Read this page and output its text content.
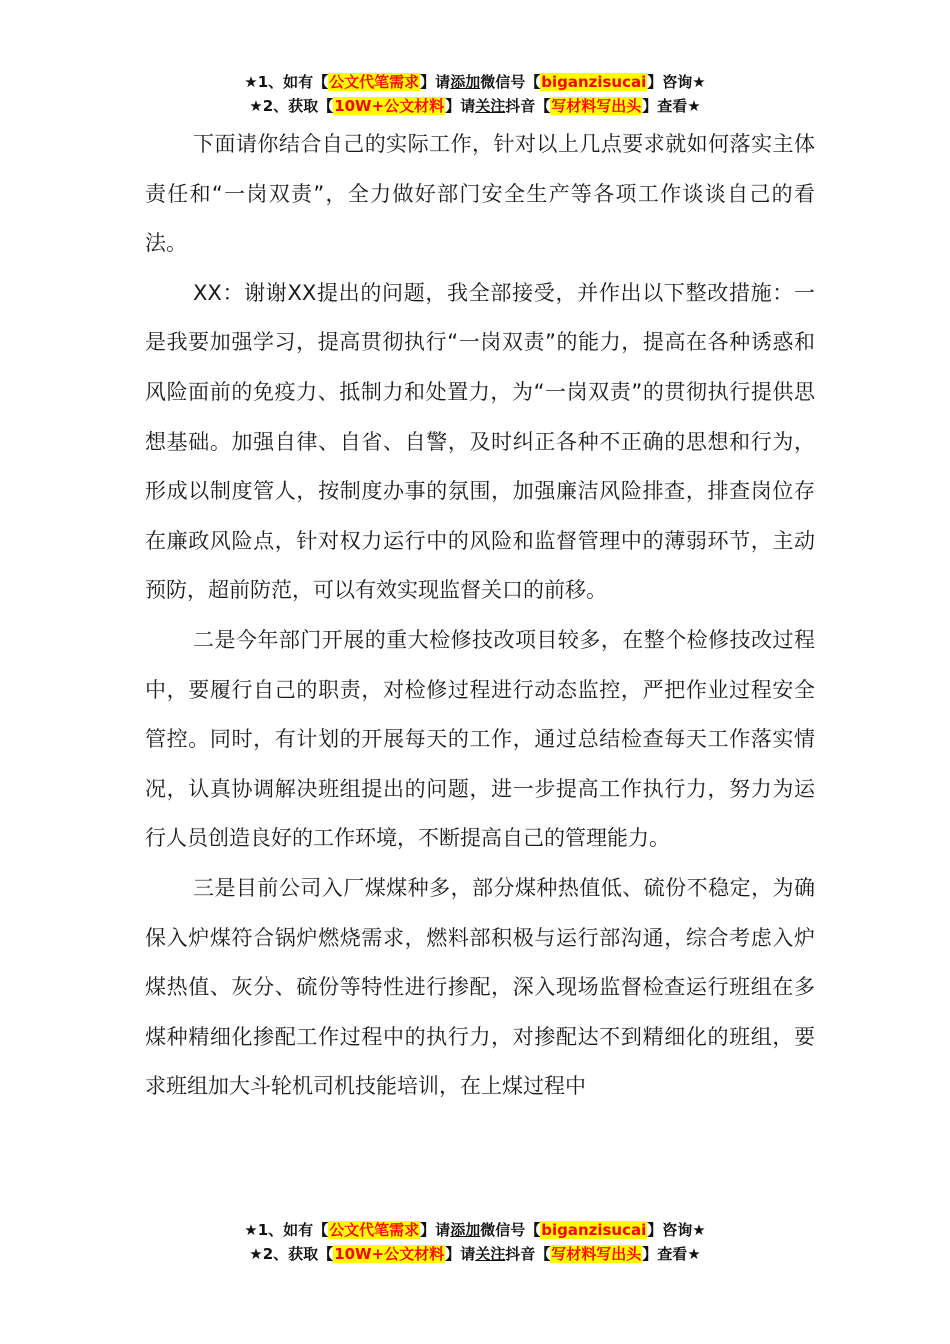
★1、如有【公文代笔需求】请添加微信号【biganzisucai】咨询★
★2、获取【10W+公文材料】请关注抖音【写材料写出头】查看★

下面请你结合自己的实际工作，针对以上几点要求就如何落实主体责任和“一岗双责”，全力做好部门安全生产等各项工作谈谈自己的看法。

XX：谢谢XX提出的问题，我全部接受，并作出以下整改措施：一是我要加强学习，提高贯彻执行“一岗双责”的能力，提高在各种诱惑和风险面前的免疫力、抵制力和处置力，为“一岗双责”的贯彻执行提供思想基础。加强自律、自省、自警，及时纠正各种不正确的思想和行为，形成以制度管人，按制度办事的氛围，加强廉洁风险排查，排查岗位存在廉政风险点，针对权力运行中的风险和监督管理中的薄弱环节，主动预防，超前防范，可以有效实现监督关口的前移。

二是今年部门开展的重大检修技改项目较多，在整个检修技改过程中，要履行自己的职责，对检修过程进行动态监控，严把作业过程安全管控。同时，有计划的开展每天的工作，通过总结检查每天工作落实情况，认真协调解决班组提出的问题，进一步提高工作执行力，努力为运行人员创造良好的工作环境，不断提高自己的管理能力。

三是目前公司入厂煤煤种多，部分煤种热值低、硫份不稳定，为确保入炉煤符合锅炉燃烧需求，燃料部积极与运行部沟通，综合考虑入炉煤热值、灰分、硫份等特性进行掺配，深入现场监督检查运行班组在多煤种精细化掺配工作过程中的执行力，对掺配达不到精细化的班组，要求班组加大斗轮机司机技能培训，在上煤过程中

★1、如有【公文代笔需求】请添加微信号【biganzisucai】咨询★
★2、获取【10W+公文材料】请关注抖音【写材料写出头】查看★
